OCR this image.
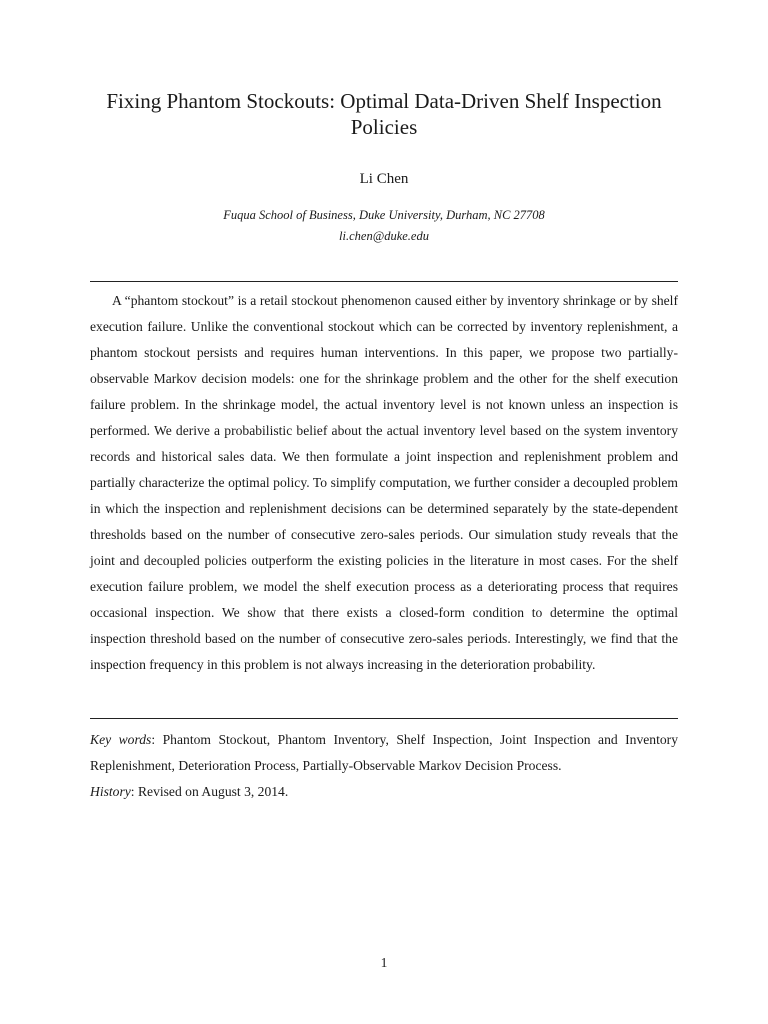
Fixing Phantom Stockouts: Optimal Data-Driven Shelf Inspection Policies
Li Chen
Fuqua School of Business, Duke University, Durham, NC 27708
li.chen@duke.edu

A “phantom stockout” is a retail stockout phenomenon caused either by inventory shrinkage or by shelf execution failure. Unlike the conventional stockout which can be corrected by inventory replenishment, a phantom stockout persists and requires human interventions. In this paper, we propose two partially-observable Markov decision models: one for the shrinkage problem and the other for the shelf execution failure problem. In the shrinkage model, the actual inventory level is not known unless an inspection is performed. We derive a probabilistic belief about the actual inventory level based on the system inventory records and historical sales data. We then formulate a joint inspection and replenishment problem and partially characterize the optimal policy. To simplify computation, we further consider a decoupled problem in which the inspection and replenishment decisions can be determined separately by the state-dependent thresholds based on the number of consecutive zero-sales periods. Our simulation study reveals that the joint and decoupled policies outperform the existing policies in the literature in most cases. For the shelf execution failure problem, we model the shelf execution process as a deteriorating process that requires occasional inspection. We show that there exists a closed-form condition to determine the optimal inspection threshold based on the number of consecutive zero-sales periods. Interestingly, we find that the inspection frequency in this problem is not always increasing in the deterioration probability.

Key words: Phantom Stockout, Phantom Inventory, Shelf Inspection, Joint Inspection and Inventory Replenishment, Deterioration Process, Partially-Observable Markov Decision Process.

History: Revised on August 3, 2014.

1
